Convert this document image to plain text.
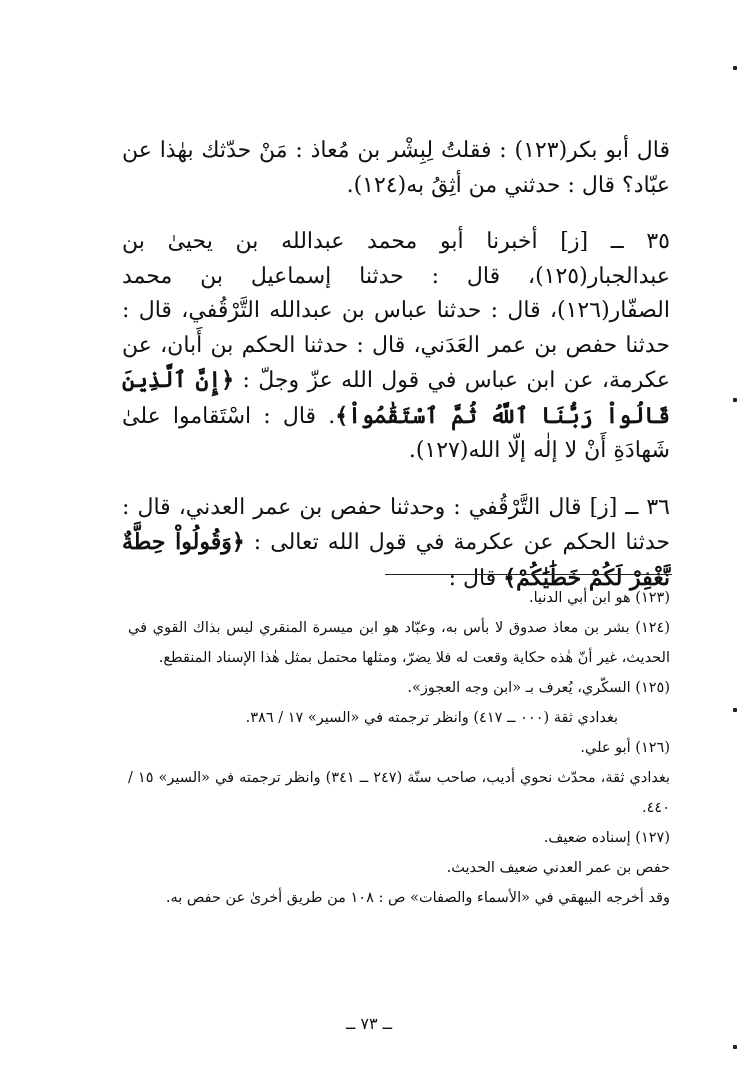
قال أبو بكر(١٢٣) : فقلتُ لِبِشْر بن مُعاذ : مَنْ حدّثك بهٰذا عن عبّاد؟ قال : حدثني من أثِقُ به(١٢٤).

٣٥ ــ [ز] أخبرنا أبو محمد عبدالله بن يحيىٰ بن عبدالجبار(١٢٥)، قال : حدثنا إسماعيل بن محمد الصفّار(١٢٦)، قال : حدثنا عباس بن عبدالله التَّرْقُفي، قال : حدثنا حفص بن عمر العَدَني، قال : حدثنا الحكم بن أَبان، عن عكرمة، عن ابن عباس في قول الله عزّ وجلّ : ﴿إِنَّ ٱلَّذِينَ قَالُواْ رَبُّنَا ٱللَّهُ ثُمَّ ٱسْتَقَٰمُواْ﴾. قال : اسْتَقاموا علىٰ شَهادَةِ أَنْ لا إلٰه إلّا الله(١٢٧).

٣٦ ــ [ز] قال التَّرْقُفي : وحدثنا حفص بن عمر العدني، قال : حدثنا الحكم عن عكرمة في قول الله تعالى : ﴿وَقُولُواْ حِطَّةٌ نَّغْفِرْ لَكُمْ خَطَٰيَٰكُمْ﴾ قال :

(١٢٣) هو ابن أبي الدنيا.

(١٢٤) بشر بن معاذ صدوق لا بأس به، وعبّاد هو ابن ميسرة المنقري ليس بذاك القوي في الحديث، غير أنّ هٰذه حكاية وقعت له فلا يضرّ، ومثلها محتمل بمثل هٰذا الإسناد المنقطع.

(١٢٥) السكّري، يُعرف بـ «ابن وجه العجوز».

بغدادي ثقة (٠٠٠ ــ ٤١٧) وانظر ترجمته في «السير» ١٧ / ٣٨٦.

(١٢٦) أبو علي.

بغدادي ثقة، محدّث نحوي أديب، صاحب سنّة (٢٤٧ ــ ٣٤١) وانظر ترجمته في «السير» ١٥ / ٤٤٠.

(١٢٧) إسناده ضعيف.

حفص بن عمر العدني ضعيف الحديث.

وقد أخرجه البيهقي في «الأسماء والصفات» ص : ١٠٨ من طريق أخرىٰ عن حفص به.

ــ ٧٣ ــ
